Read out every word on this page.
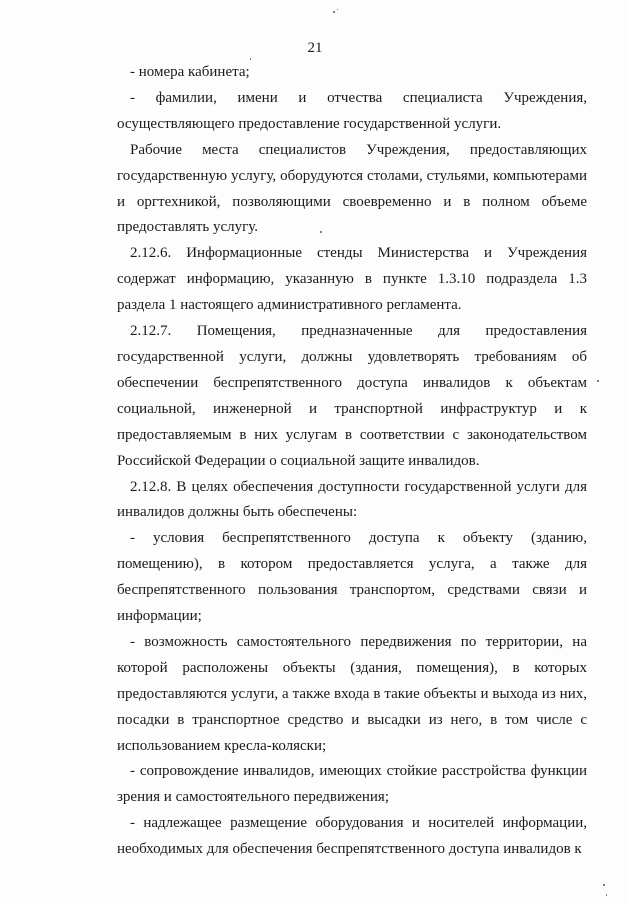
21

- номера кабинета;

- фамилии, имени и отчества специалиста Учреждения, осуществляющего предоставление государственной услуги.

Рабочие места специалистов Учреждения, предоставляющих государственную услугу, оборудуются столами, стульями, компьютерами и оргтехникой, позволяющими своевременно и в полном объеме предоставлять услугу.

2.12.6. Информационные стенды Министерства и Учреждения содержат информацию, указанную в пункте 1.3.10 подраздела 1.3 раздела 1 настоящего административного регламента.

2.12.7. Помещения, предназначенные для предоставления государственной услуги, должны удовлетворять требованиям об обеспечении беспрепятственного доступа инвалидов к объектам социальной, инженерной и транспортной инфраструктур и к предоставляемым в них услугам в соответствии с законодательством Российской Федерации о социальной защите инвалидов.

2.12.8. В целях обеспечения доступности государственной услуги для инвалидов должны быть обеспечены:

- условия беспрепятственного доступа к объекту (зданию, помещению), в котором предоставляется услуга, а также для беспрепятственного пользования транспортом, средствами связи и информации;

- возможность самостоятельного передвижения по территории, на которой расположены объекты (здания, помещения), в которых предоставляются услуги, а также входа в такие объекты и выхода из них, посадки в транспортное средство и высадки из него, в том числе с использованием кресла-коляски;

- сопровождение инвалидов, имеющих стойкие расстройства функции зрения и самостоятельного передвижения;

- надлежащее размещение оборудования и носителей информации, необходимых для обеспечения беспрепятственного доступа инвалидов к
